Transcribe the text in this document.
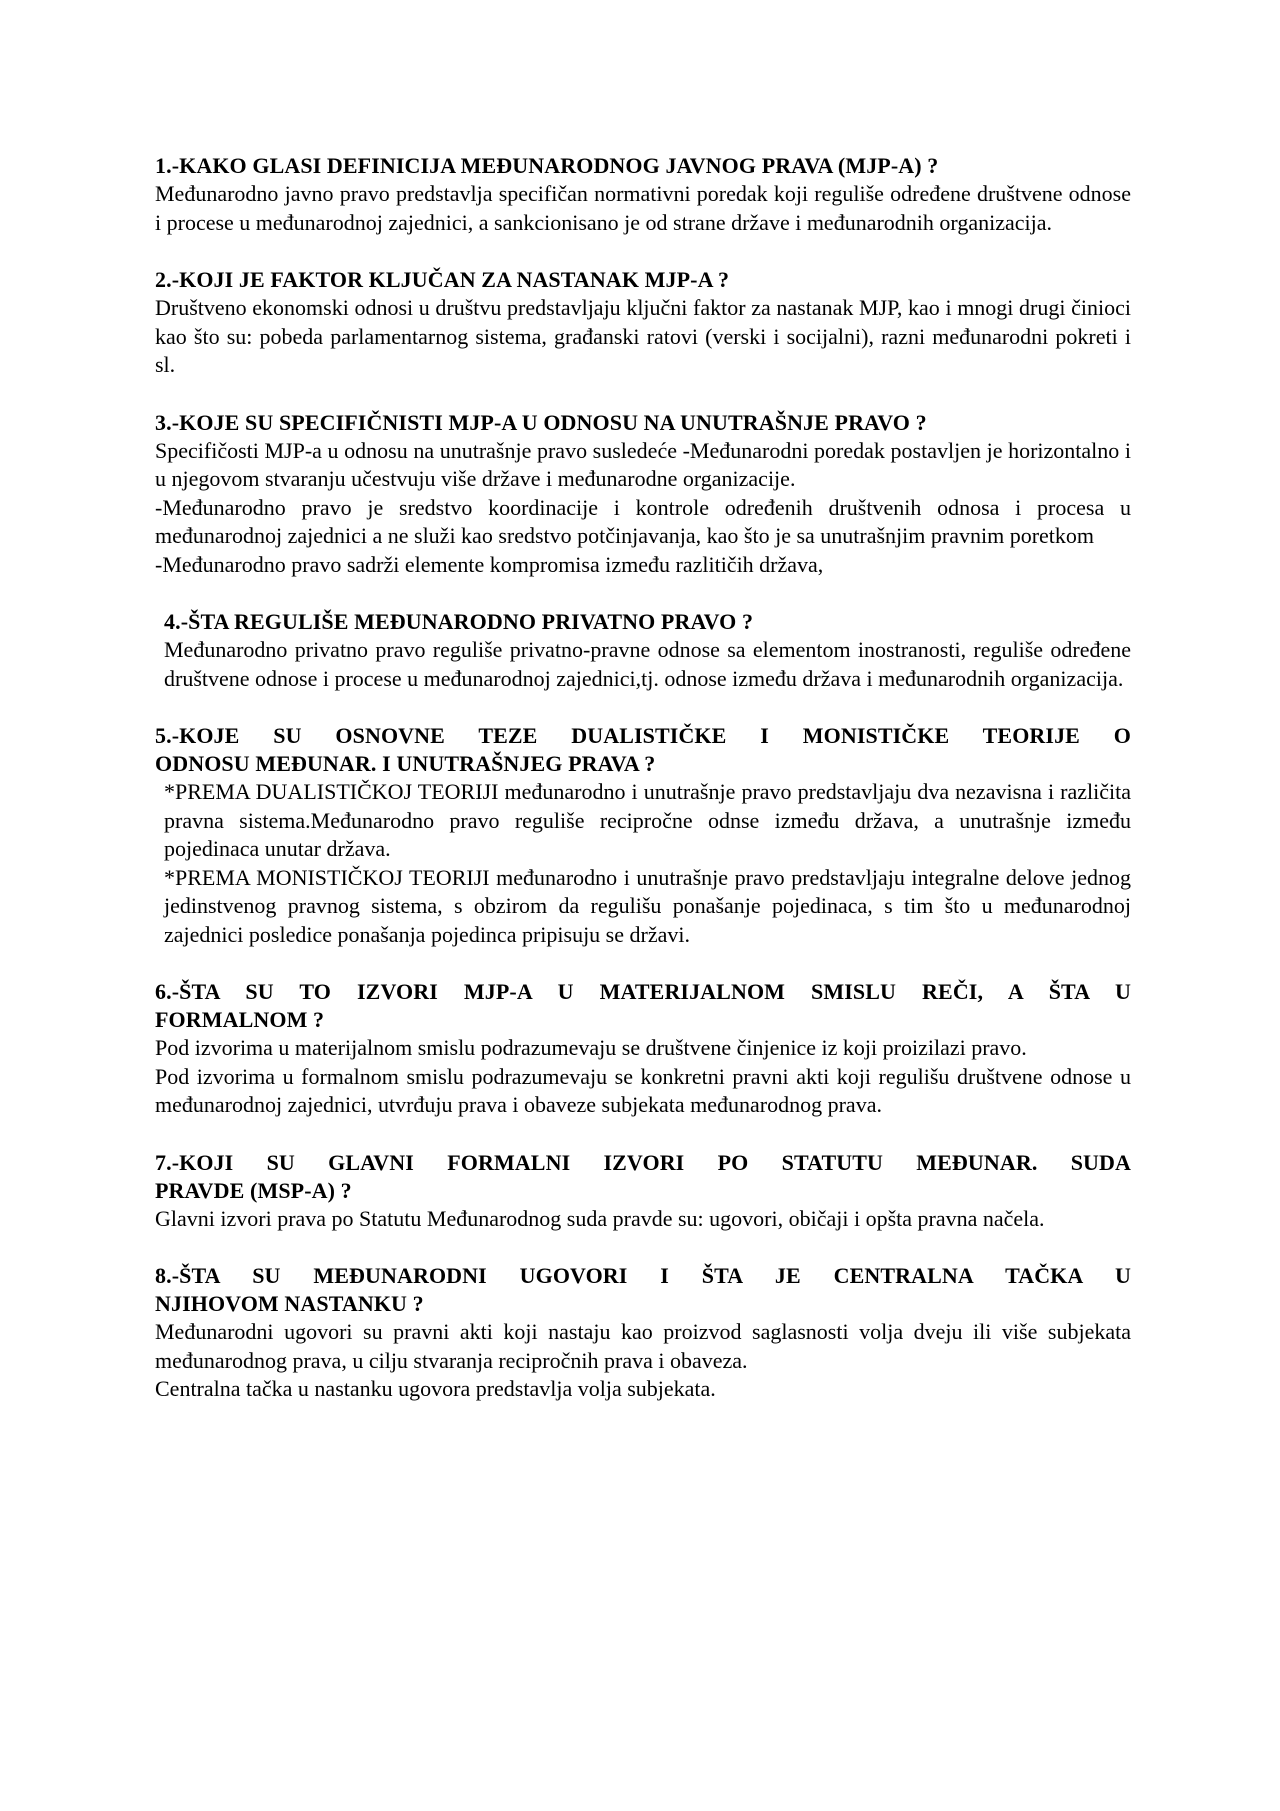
1.-KAKO GLASI DEFINICIJA MEĐUNARODNOG JAVNOG PRAVA (MJP-A) ?

Međunarodno javno pravo predstavlja specifičan normativni poredak koji reguliše određene društvene odnose i procese u međunarodnoj zajednici, a sankcionisano je od strane države i međunarodnih organizacija.

2.-KOJI JE FAKTOR KLJUČAN ZA NASTANAK MJP-A ?

Društveno ekonomski odnosi u društvu predstavljaju ključni faktor za nastanak MJP, kao i mnogi drugi činioci kao što su: pobeda parlamentarnog sistema, građanski ratovi (verski i socijalni), razni međunarodni pokreti i sl.

3.-KOJE SU SPECIFIČNISTI MJP-A U ODNOSU NA UNUTRAŠNJE PRAVO ?

Specifičosti MJP-a u odnosu na unutrašnje pravo susledeće -Međunarodni poredak postavljen je horizontalno i u njegovom stvaranju učestvuju više države i međunarodne organizacije.

-Međunarodno pravo je sredstvo koordinacije i kontrole određenih društvenih odnosa i procesa u međunarodnoj zajednici a ne služi kao sredstvo potčinjavanja, kao što je sa unutrašnjim pravnim poretkom

-Međunarodno pravo sadrži elemente kompromisa između razlitičih država,

4.-ŠTA REGULIŠE MEĐUNARODNO PRIVATNO PRAVO ?

Međunarodno privatno pravo reguliše privatno-pravne odnose sa elementom inostranosti, reguliše određene društvene odnose i procese u međunarodnoj zajednici,tj. odnose između država i međunarodnih organizacija.

5.-KOJE SU OSNOVNE TEZE DUALISTIČKE I MONISTIČKE TEORIJE O
ODNOSU MEĐUNAR. I UNUTRAŠNJEG PRAVA ?

*PREMA DUALISTIČKOJ TEORIJI međunarodno i unutrašnje pravo predstavljaju dva nezavisna i različita pravna sistema.Međunarodno pravo reguliše recipročne odnse između država, a unutrašnje između pojedinaca unutar država.

*PREMA MONISTIČKOJ TEORIJI međunarodno i unutrašnje pravo predstavljaju integralne delove jednog jedinstvenog pravnog sistema, s obzirom da regulišu ponašanje pojedinaca, s tim što u međunarodnoj zajednici posledice ponašanja pojedinca pripisuju se državi.

6.-ŠTA SU TO IZVORI MJP-A U MATERIJALNOM SMISLU REČI, A ŠTA U
FORMALNOM ?

Pod izvorima u materijalnom smislu podrazumevaju se društvene činjenice iz koji proizilazi pravo.

Pod izvorima u formalnom smislu podrazumevaju se konkretni pravni akti koji regulišu društvene odnose u međunarodnoj zajednici, utvrđuju prava i obaveze subjekata međunarodnog prava.

7.-KOJI SU GLAVNI FORMALNI IZVORI PO STATUTU MEĐUNAR. SUDA
PRAVDE (MSP-A) ?

Glavni izvori prava po Statutu Međunarodnog suda pravde su: ugovori, običaji i opšta pravna načela.

8.-ŠTA SU MEĐUNARODNI UGOVORI I ŠTA JE CENTRALNA TAČKA U
NJIHOVOM NASTANKU ?

Međunarodni ugovori su pravni akti koji nastaju kao proizvod saglasnosti volja dveju ili više subjekata međunarodnog prava, u cilju stvaranja recipročnih prava i obaveza.

Centralna tačka u nastanku ugovora predstavlja volja subjekata.
